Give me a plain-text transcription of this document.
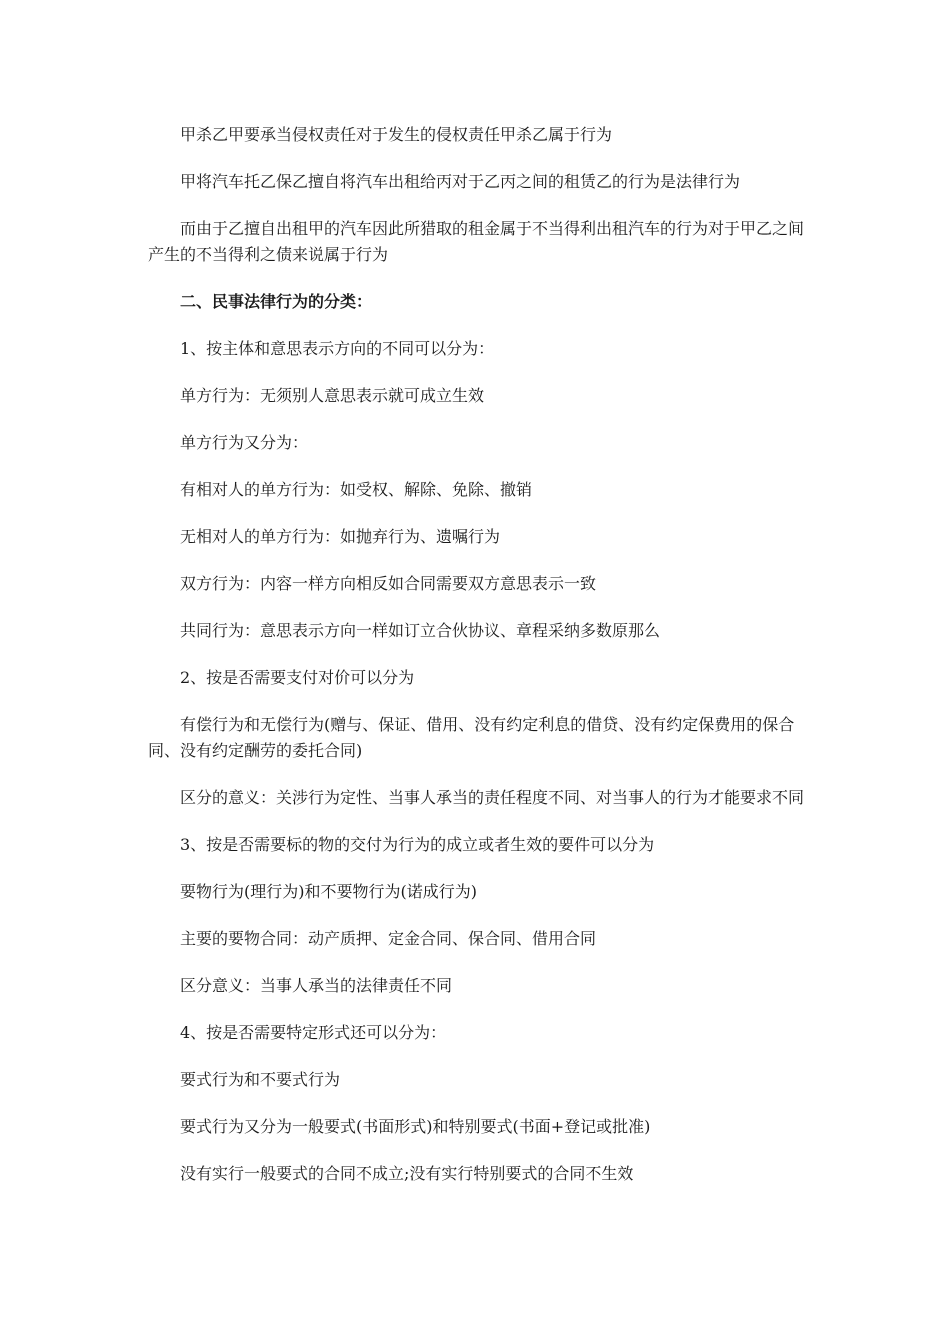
甲杀乙甲要承当侵权责任对于发生的侵权责任甲杀乙属于行为

甲将汽车托乙保乙擅自将汽车出租给丙对于乙丙之间的租赁乙的行为是法律行为

而由于乙擅自出租甲的汽车因此所猎取的租金属于不当得利出租汽车的行为对于甲乙之间产生的不当得利之债来说属于行为

二、民事法律行为的分类：

1、按主体和意思表示方向的不同可以分为：

单方行为：无须别人意思表示就可成立生效

单方行为又分为：

有相对人的单方行为：如受权、解除、免除、撤销

无相对人的单方行为：如抛弃行为、遗嘱行为

双方行为：内容一样方向相反如合同需要双方意思表示一致

共同行为：意思表示方向一样如订立合伙协议、章程采纳多数原那么

2、按是否需要支付对价可以分为

有偿行为和无偿行为(赠与、保证、借用、没有约定利息的借贷、没有约定保费用的保合同、没有约定酬劳的委托合同)

区分的意义：关涉行为定性、当事人承当的责任程度不同、对当事人的行为才能要求不同

3、按是否需要标的物的交付为行为的成立或者生效的要件可以分为

要物行为(理行为)和不要物行为(诺成行为)

主要的要物合同：动产质押、定金合同、保合同、借用合同

区分意义：当事人承当的法律责任不同

4、按是否需要特定形式还可以分为：

要式行为和不要式行为

要式行为又分为一般要式(书面形式)和特别要式(书面+登记或批准)

没有实行一般要式的合同不成立;没有实行特别要式的合同不生效
